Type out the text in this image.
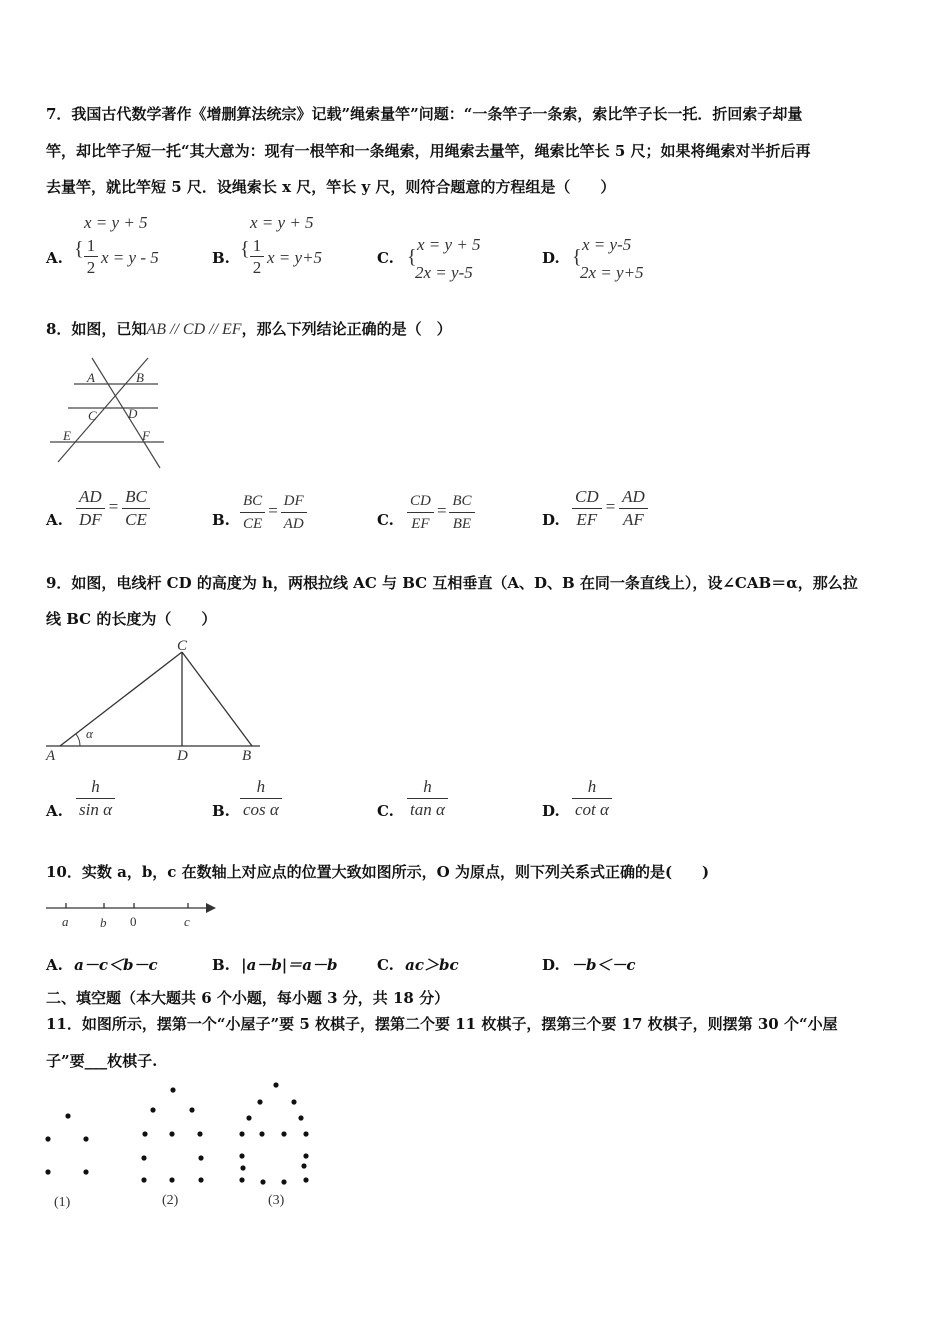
7．我国古代数学著作《增删算法统宗》记载”绳索量竿”问题：“一条竿子一条索，索比竿子长一托．折回索子却量
竿，却比竿子短一托“其大意为：现有一根竿和一条绳索，用绳索去量竿，绳索比竿长 5 尺；如果将绳索对半折后再
去量竿，就比竿短 5 尺．设绳索长 x 尺，竿长 y 尺，则符合题意的方程组是（　　）
A.
x = y + 5
{ 1
2
x = y - 5	B.
x = y + 5
{ 1
2
x = y+5	C. {
x = y + 5
2x = y-5
D. {
x = y-5
2x = y+5
8．如图，已知AB // CD // EF，那么下列结论正确的是（　）
A	B
C D
E	F
A. $\frac{AD}{DF} = \frac{BC}{CE}$	B. $\frac{BC}{CE} = \frac{DF}{AD}$	C. $\frac{CD}{EF} = \frac{BC}{BE}$	D. $\frac{CD}{EF} = \frac{AD}{AF}$
9．如图，电线杆 CD 的高度为 h，两根拉线 AC 与 BC 互相垂直（A、D、B 在同一条直线上），设∠CAB＝α，那么拉
线 BC 的长度为（　　）
α
C
A	D	B
A. $\frac{h}{\text{sin α}}$	B. $\frac{h}{\text{cos α}}$	C. $\frac{h}{\text{tan α}}$	D. $\frac{h}{\text{cot α}}$
10．实数 a，b，c 在数轴上对应点的位置大致如图所示，O 为原点，则下列关系式正确的是(　　)
a b 0	c
A. a－c＜b－c	B. |a－b|＝a－b	C. ac＞bc	D. －b＜－c
二、填空题（本大题共 6 个小题，每小题 3 分，共 18 分）
11．如图所示，摆第一个“小屋子”要 5 枚棋子，摆第二个要 11 枚棋子，摆第三个要 17 枚棋子，则摆第 30 个“小屋
子”要___枚棋子.
(1)	(2)	(3)
